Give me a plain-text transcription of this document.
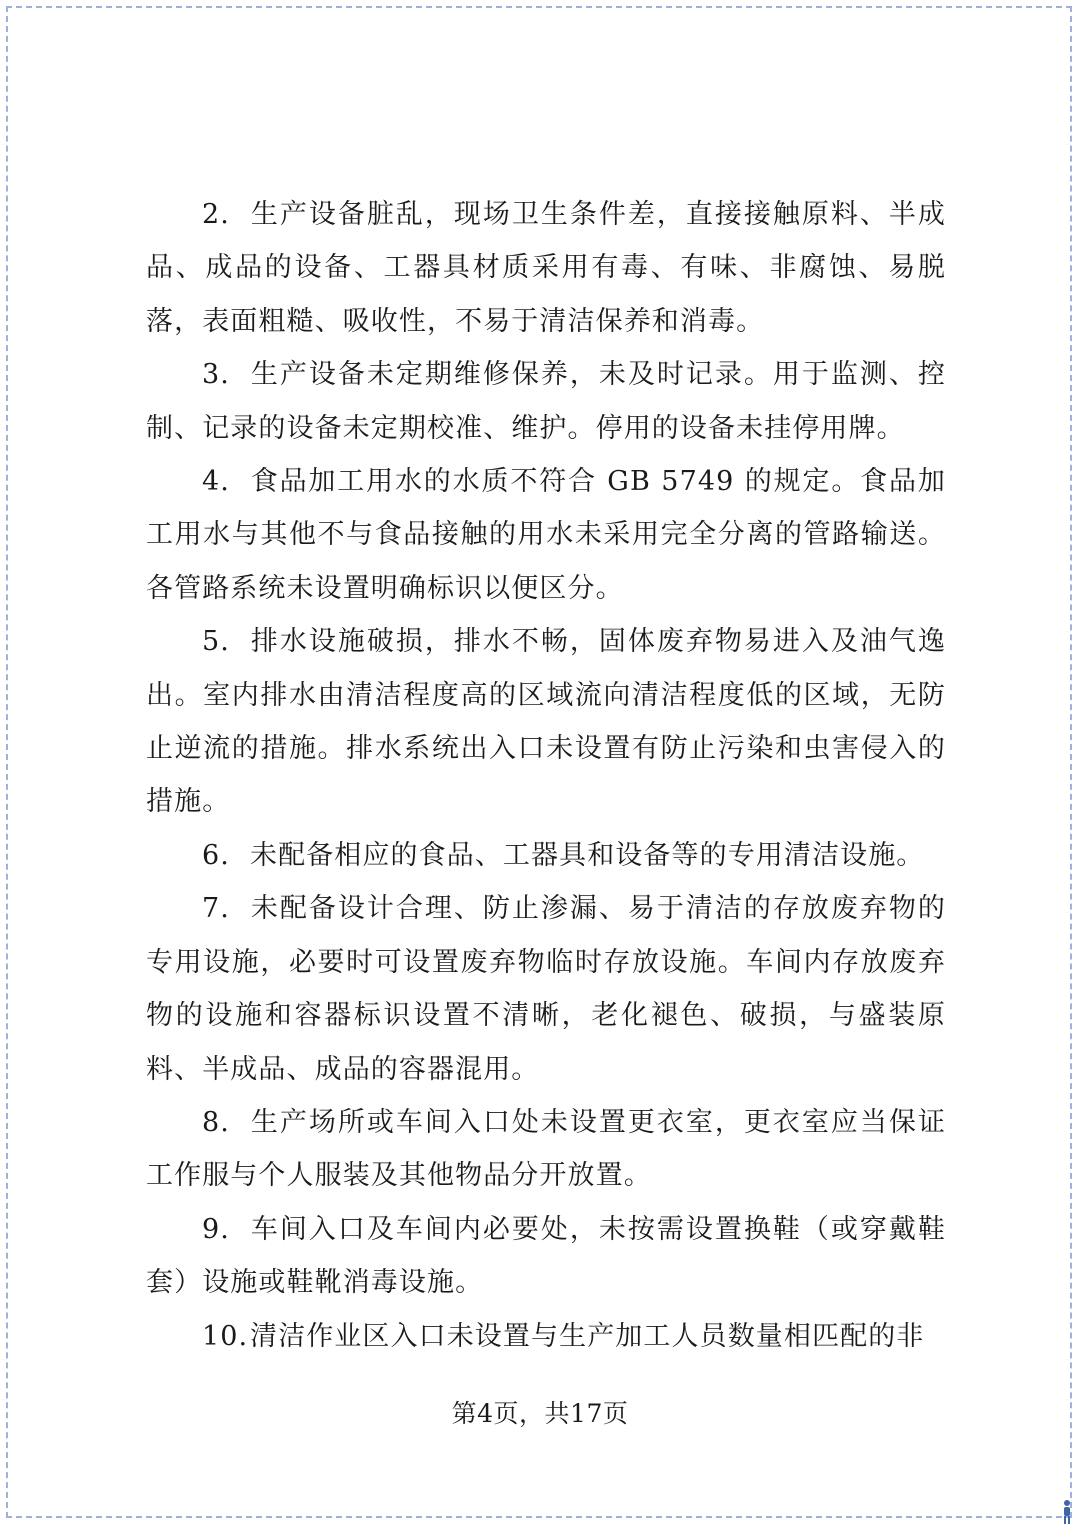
2. 生产设备脏乱，现场卫生条件差，直接接触原料、半成品、成品的设备、工器具材质采用有毒、有味、非腐蚀、易脱落，表面粗糙、吸收性，不易于清洁保养和消毒。

3. 生产设备未定期维修保养，未及时记录。用于监测、控制、记录的设备未定期校准、维护。停用的设备未挂停用牌。

4. 食品加工用水的水质不符合 GB 5749 的规定。食品加工用水与其他不与食品接触的用水未采用完全分离的管路输送。各管路系统未设置明确标识以便区分。

5. 排水设施破损，排水不畅，固体废弃物易进入及油气逸出。室内排水由清洁程度高的区域流向清洁程度低的区域，无防止逆流的措施。排水系统出入口未设置有防止污染和虫害侵入的措施。

6. 未配备相应的食品、工器具和设备等的专用清洁设施。

7. 未配备设计合理、防止渗漏、易于清洁的存放废弃物的专用设施，必要时可设置废弃物临时存放设施。车间内存放废弃物的设施和容器标识设置不清晰，老化褪色、破损，与盛装原料、半成品、成品的容器混用。

8. 生产场所或车间入口处未设置更衣室，更衣室应当保证工作服与个人服装及其他物品分开放置。

9. 车间入口及车间内必要处，未按需设置换鞋（或穿戴鞋套）设施或鞋靴消毒设施。

10.清洁作业区入口未设置与生产加工人员数量相匹配的非

第4页，共17页
